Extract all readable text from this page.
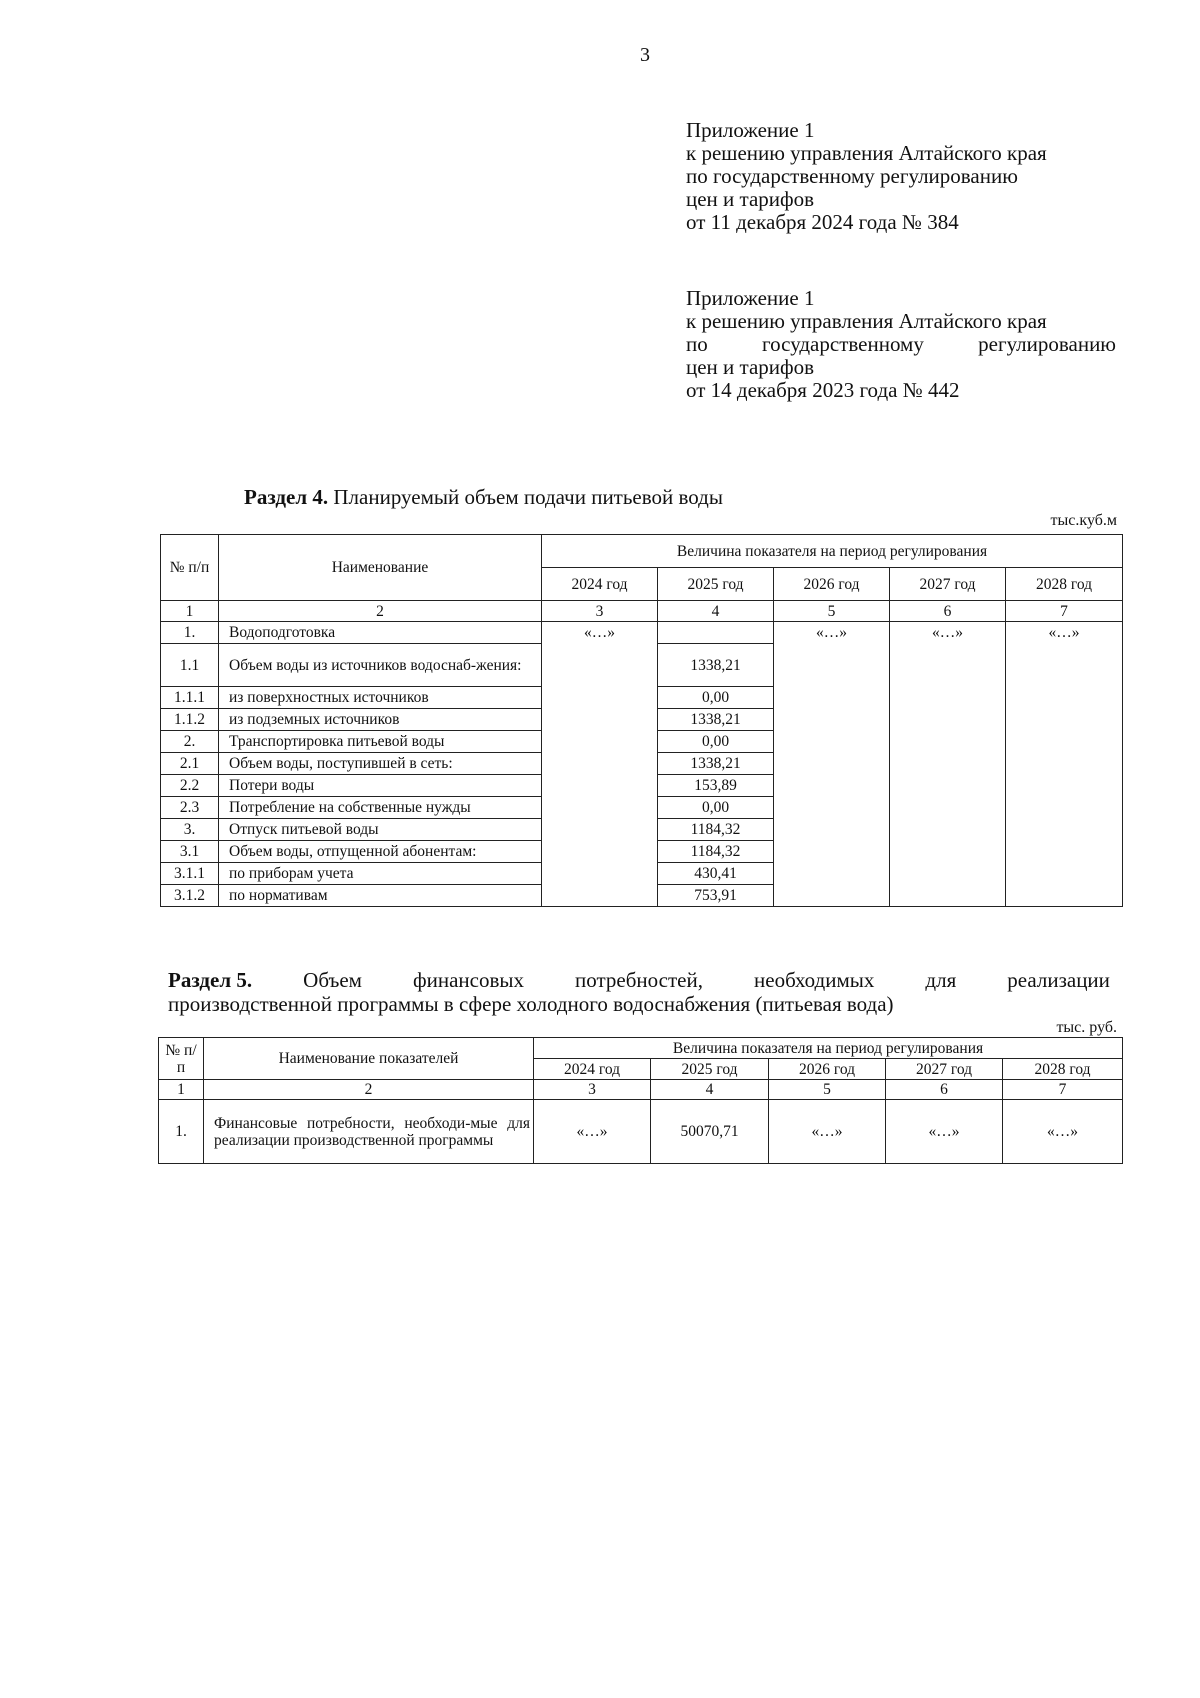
3
Приложение 1
к решению управления Алтайского края
по государственному регулированию
цен и тарифов
от 11 декабря 2024 года № 384
Приложение 1
к решению управления Алтайского края
по	государственному	регулированию
цен и тарифов
от 14 декабря 2023 года № 442
Раздел 4. Планируемый объем подачи питьевой воды
тыс.куб.м
№ п/п	Наименование	Величина показателя на период регулирования				
		2024 год	2025 год	2026 год	2027 год	2028 год
1	2	3	4	5	6	7
1.	Водоподготовка	«…»		«…»	«…»	«…»
1.1	Объем воды из источников водоснаб-жения:		1338,21			
1.1.1	из поверхностных источников		0,00			
1.1.2	из подземных источников		1338,21			
2.	Транспортировка питьевой воды		0,00			
2.1	Объем воды, поступившей в сеть:		1338,21			
2.2	Потери воды		153,89			
2.3	Потребление на собственные нужды		0,00			
3.	Отпуск питьевой воды		1184,32			
3.1	Объем воды, отпущенной абонентам:		1184,32			
3.1.1	по приборам учета		430,41			
3.1.2	по нормативам		753,91			
Раздел 5. Объем финансовых потребностей, необходимых для реализации
производственной программы в сфере холодного водоснабжения (питьевая вода)
тыс. руб.
№ п/п	Наименование показателей	Величина показателя на период регулирования				
		2024 год	2025 год	2026 год	2027 год	2028 год
1	2	3	4	5	6	7
1.	Финансовые потребности, необходи-мые для реализации производственной программы	«…»	50070,71	«…»	«…»	«…»
